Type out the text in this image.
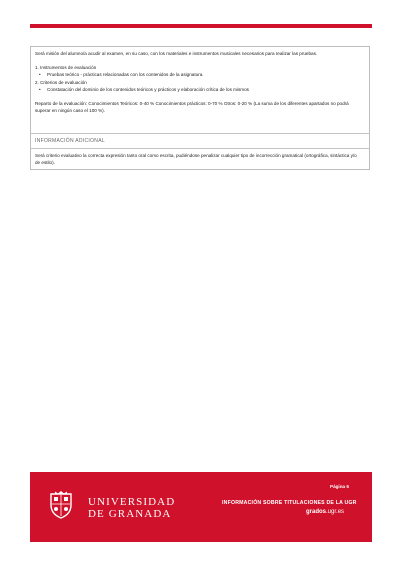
Será misión del alumno/a acudir al examen, en su caso, con los materiales e instrumentos musicales necesarios para realizar las pruebas.

1. Instrumentos de evaluación

• Pruebas teórico - prácticas relacionadas con los contenidos de la asignatura.

2. Criterios de evaluación

• Constatación del dominio de los contenidos teóricos y prácticos y elaboración crítica de los mismos

Reparto de la evaluación: Conocimientos Teóricos: 0-40 % Conocimientos prácticos: 0-70 % Otros: 0-20 % (La suma de los diferentes apartados no podrá superar en ningún caso el 100 %).

INFORMACIÓN ADICIONAL
Será criterio evaluativo la correcta expresión tanto oral como escrita, pudiéndose penalizar cualquier tipo de incorrección gramatical (ortográfica, sintáctica y/o de estilo).
UNIVERSIDAD
DE GRANADA
Página 6
INFORMACIÓN SOBRE TITULACIONES DE LA UGR
grados.ugr.es
